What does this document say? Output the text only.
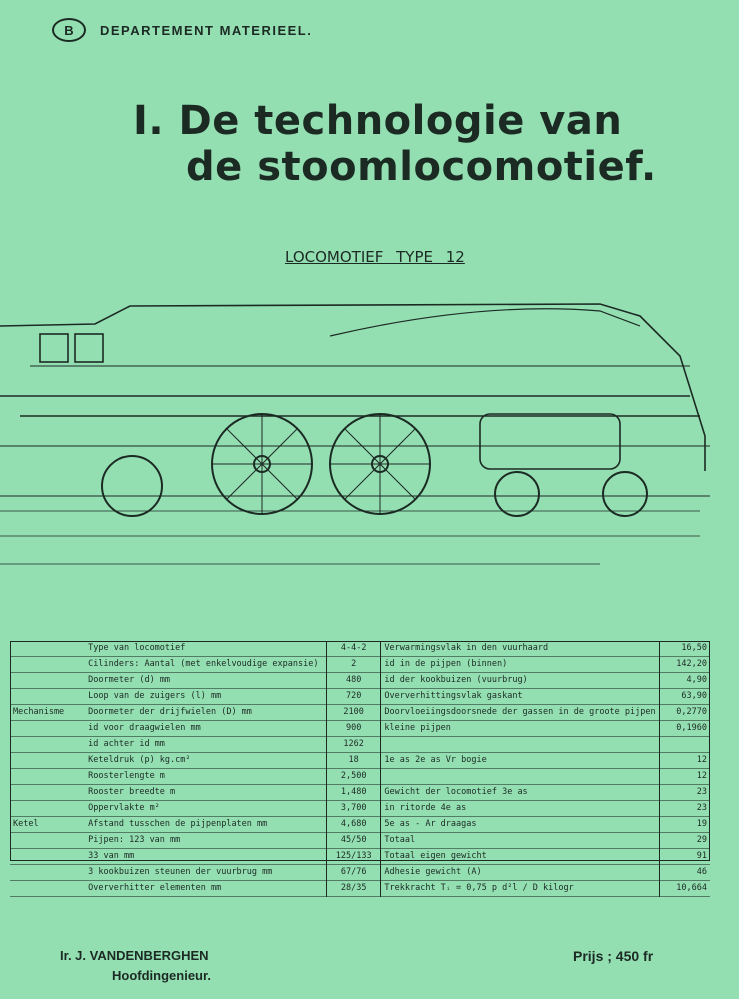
B DEPARTEMENT MATERIEEL.
I. De technologie van
de stoomlocomotief.
LOCOMOTIEF TYPE 12
	Type van locomotief	4-4-2	Verwarmingsvlak in den vuurhaard	16,50
	Cilinders: Aantal (met enkelvoudige expansie)	2	id in de pijpen (binnen)	142,20
	Doormeter (d) mm	480	id der kookbuizen (vuurbrug)	4,90
	Loop van de zuigers (l) mm	720	Oververhittingsvlak gaskant	63,90
Mechanisme	Doormeter der drijfwielen (D) mm	2100	Doorvloeiingsdoorsnede der gassen in de groote pijpen	0,2770
	id voor draagwielen mm	900	kleine pijpen	0,1960
	id achter id mm	1262		
	Keteldruk (p) kg.cm²	18	1e as 2e as Vr bogie	12
	Roosterlengte m	2,500		12
	Rooster breedte m	1,480	Gewicht der locomotief 3e as	23
	Oppervlakte m²	3,700	in ritorde 4e as	23
Ketel	Afstand tusschen de pijpenplaten mm	4,680	5e as - Ar draagas	19
	Pijpen: 123 van mm	45/50	Totaal	29
	33 van mm	125/133	Totaal eigen gewicht	91
	3 kookbuizen steunen der vuurbrug mm	67/76	Adhesie gewicht (A)	46
	Oververhitter elementen mm	28/35	Trekkracht Tᵢ = 0,75 p d²l / D kilogr	10,664
Ir. J. VANDENBERGHEN
Hoofdingenieur.
Prijs ; 450 fr
